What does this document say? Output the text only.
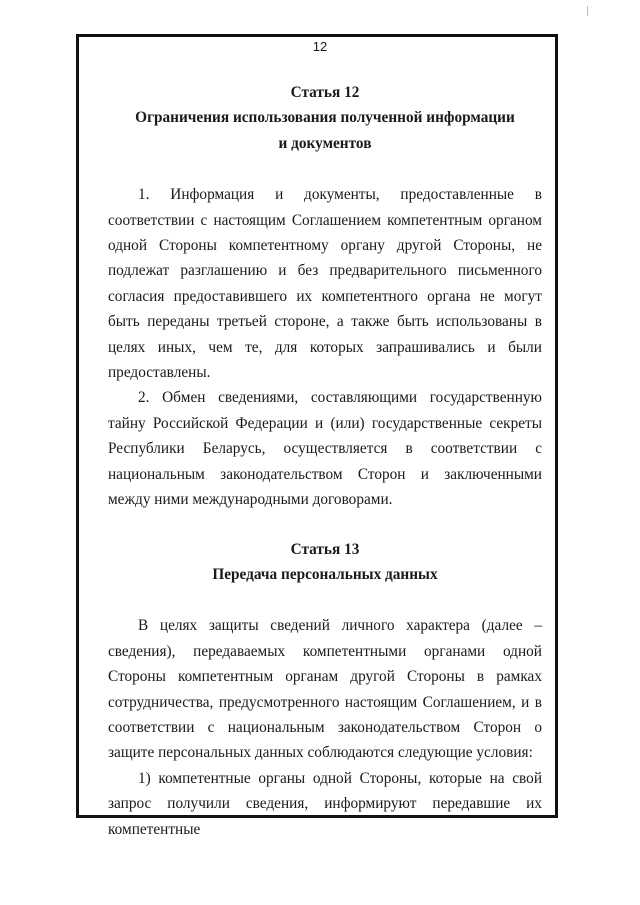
12

Статья 12

Ограничения использования полученной информации

и документов

1. Информация и документы, предоставленные в соответствии с настоящим Соглашением компетентным органом одной Стороны компетентному органу другой Стороны, не подлежат разглашению и без предварительного письменного согласия предоставившего их компетентного органа не могут быть переданы третьей стороне, а также быть использованы в целях иных, чем те, для которых запрашивались и были предоставлены.

2. Обмен сведениями, составляющими государственную тайну Российской Федерации и (или) государственные секреты Республики Беларусь, осуществляется в соответствии с национальным законодательством Сторон и заключенными между ними международными договорами.

Статья 13

Передача персональных данных

В целях защиты сведений личного характера (далее – сведения), передаваемых компетентными органами одной Стороны компетентным органам другой Стороны в рамках сотрудничества, предусмотренного настоящим Соглашением, и в соответствии с национальным законодательством Сторон о защите персональных данных соблюдаются следующие условия:

1) компетентные органы одной Стороны, которые на свой запрос получили сведения, информируют передавшие их компетентные
